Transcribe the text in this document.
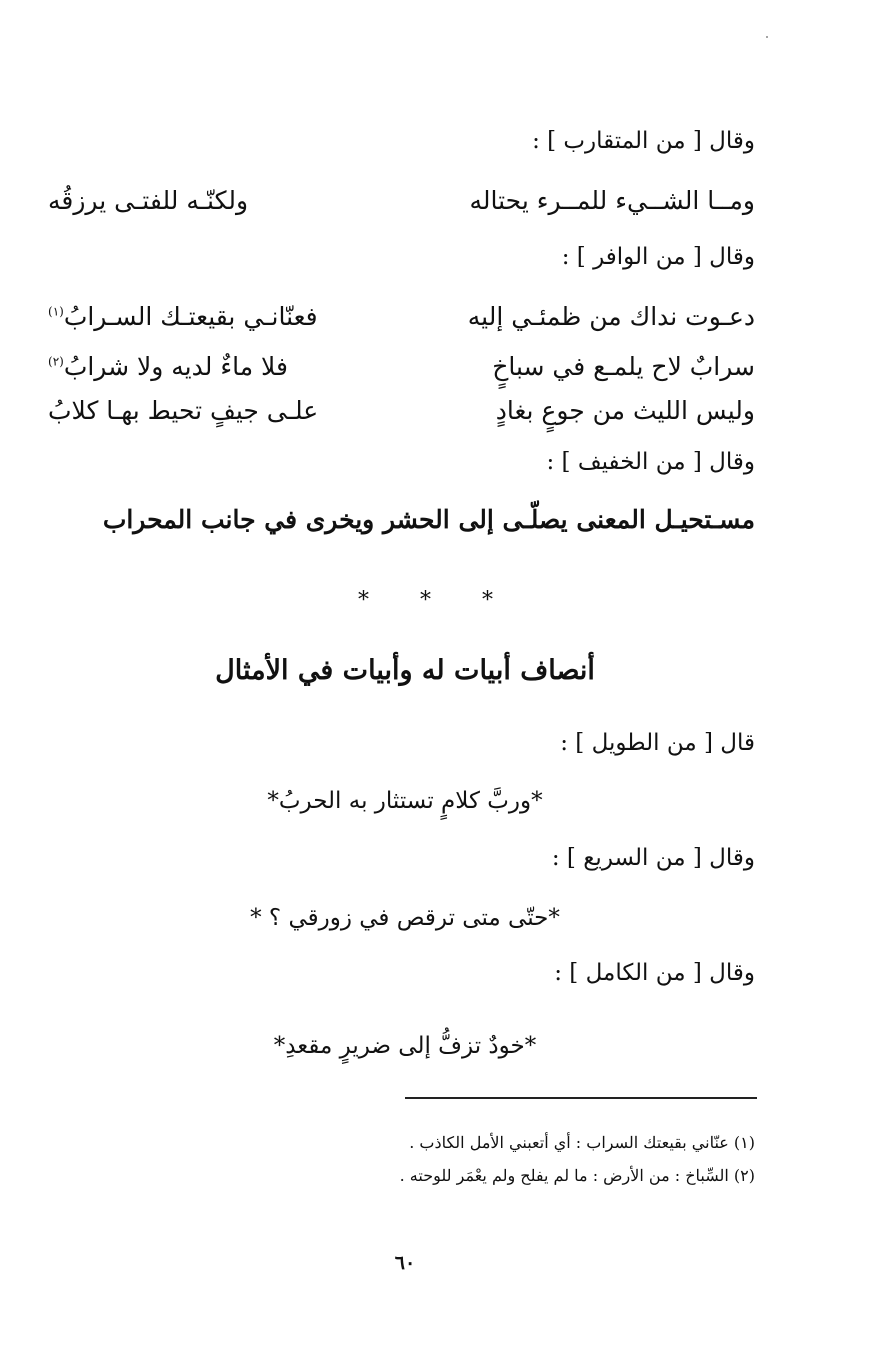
وقال [ من المتقارب ] :
ومــا الشــيء للمــرء يحتاله
ولكنّـه للفتـى يرزقُه
وقال [ من الوافر ] :
دعـوت نداك من ظمئـي إليه
فعنّانـي بقيعتـك السـرابُ$^{(١)}$
سرابٌ لاح يلمـع في سباخٍ
فلا ماءٌ لديه ولا شرابُ$^{(٢)}$
وليس الليث من جوعٍ بغادٍ
علـى جيفٍ تحيط بهـا كلابُ
وقال [ من الخفيف ] :
مسـتحيـل المعنى يصلّـى إلى الحشر ويخرى في جانب المحراب
* * *
أنصاف أبيات له وأبيات في الأمثال
قال [ من الطويل ] :
*وربَّ كلامٍ تستثار به الحربُ*
وقال [ من السريع ] :
*حتّى متى ترقص في زورقي ؟ *
وقال [ من الكامل ] :
*خودٌ تزفُّ إلى ضريرٍ مقعدِ*
(١) عنّاني بقيعتك السراب : أي أتعبني الأمل الكاذب .
(٢) السِّباخ : من الأرض : ما لم يفلح ولم يعْمَر للوحته .
٦٠
